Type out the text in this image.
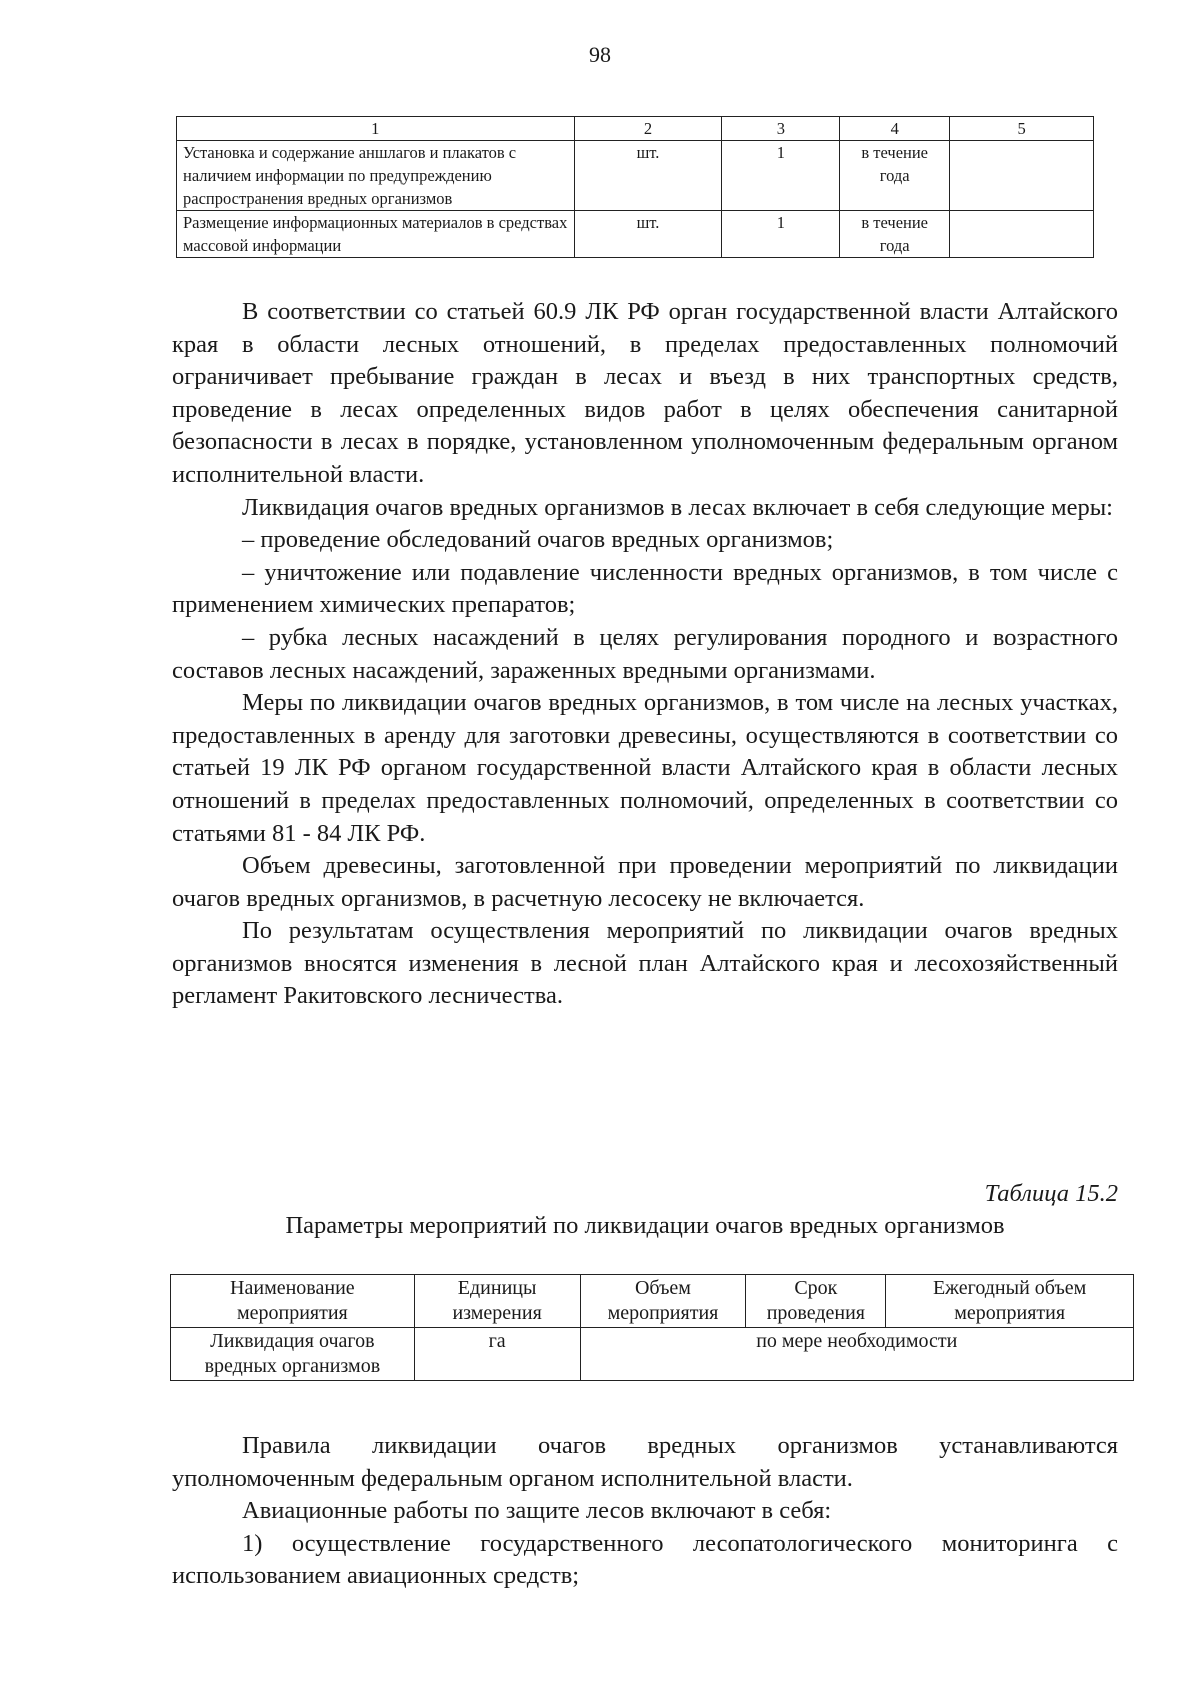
98
1	2	3	4	5
Установка и содержание аншлагов и плакатов с наличием информации по предупреждению распространения вредных организмов	шт.	1	в течение года	
Размещение информационных материалов в средствах массовой информации	шт.	1	в течение года	

В соответствии со статьей 60.9 ЛК РФ орган государственной власти Алтайского края в области лесных отношений, в пределах предоставленных полномочий ограничивает пребывание граждан в лесах и въезд в них транспортных средств, проведение в лесах определенных видов работ в целях обеспечения санитарной безопасности в лесах в порядке, установленном уполномоченным федеральным органом исполнительной власти.

Ликвидация очагов вредных организмов в лесах включает в себя следующие меры:

– проведение обследований очагов вредных организмов;

– уничтожение или подавление численности вредных организмов, в том числе с применением химических препаратов;

– рубка лесных насаждений в целях регулирования породного и возрастного составов лесных насаждений, зараженных вредными организмами.

Меры по ликвидации очагов вредных организмов, в том числе на лесных участках, предоставленных в аренду для заготовки древесины, осуществляются в соответствии со статьей 19 ЛК РФ органом государственной власти Алтайского края в области лесных отношений в пределах предоставленных полномочий, определенных в соответствии со статьями 81 - 84 ЛК РФ.

Объем древесины, заготовленной при проведении мероприятий по ликвидации очагов вредных организмов, в расчетную лесосеку не включается.

По результатам осуществления мероприятий по ликвидации очагов вредных организмов вносятся изменения в лесной план Алтайского края и лесохозяйственный регламент Ракитовского лесничества.

Таблица 15.2

Параметры мероприятий по ликвидации очагов вредных организмов

Наименование мероприятия	Единицы измерения	Объем мероприятия	Срок проведения	Ежегодный объем мероприятия
Ликвидация очагов вредных организмов	га	по мере необходимости		

Правила ликвидации очагов вредных организмов устанавливаются уполномоченным федеральным органом исполнительной власти.

Авиационные работы по защите лесов включают в себя:

1) осуществление государственного лесопатологического мониторинга с использованием авиационных средств;
